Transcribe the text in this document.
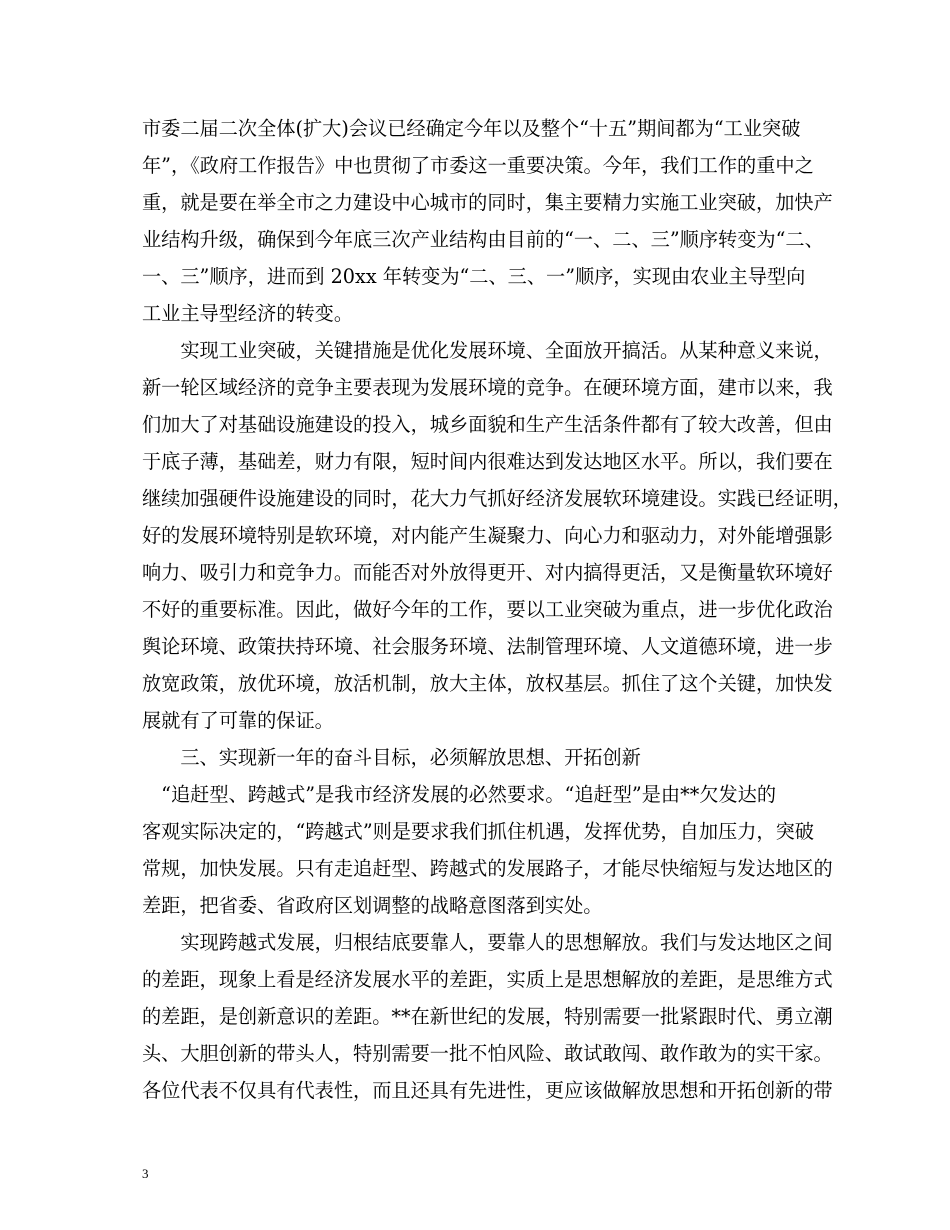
市委二届二次全体(扩大)会议已经确定今年以及整个“十五”期间都为“工业突破
年”，《政府工作报告》中也贯彻了市委这一重要决策。今年，我们工作的重中之
重，就是要在举全市之力建设中心城市的同时，集主要精力实施工业突破，加快产
业结构升级，确保到今年底三次产业结构由目前的“一、二、三”顺序转变为“二、
一、三”顺序，进而到 20xx 年转变为“二、三、一”顺序，实现由农业主导型向
工业主导型经济的转变。
　　实现工业突破，关键措施是优化发展环境、全面放开搞活。从某种意义来说，
新一轮区域经济的竞争主要表现为发展环境的竞争。在硬环境方面，建市以来，我
们加大了对基础设施建设的投入，城乡面貌和生产生活条件都有了较大改善，但由
于底子薄，基础差，财力有限，短时间内很难达到发达地区水平。所以，我们要在
继续加强硬件设施建设的同时，花大力气抓好经济发展软环境建设。实践已经证明，
好的发展环境特别是软环境，对内能产生凝聚力、向心力和驱动力，对外能增强影
响力、吸引力和竞争力。而能否对外放得更开、对内搞得更活，又是衡量软环境好
不好的重要标准。因此，做好今年的工作，要以工业突破为重点，进一步优化政治
舆论环境、政策扶持环境、社会服务环境、法制管理环境、人文道德环境，进一步
放宽政策，放优环境，放活机制，放大主体，放权基层。抓住了这个关键，加快发
展就有了可靠的保证。
　　三、实现新一年的奋斗目标，必须解放思想、开拓创新
　“追赶型、跨越式”是我市经济发展的必然要求。“追赶型”是由**欠发达的
客观实际决定的，“跨越式”则是要求我们抓住机遇，发挥优势，自加压力，突破
常规，加快发展。只有走追赶型、跨越式的发展路子，才能尽快缩短与发达地区的
差距，把省委、省政府区划调整的战略意图落到实处。
　　实现跨越式发展，归根结底要靠人，要靠人的思想解放。我们与发达地区之间
的差距，现象上看是经济发展水平的差距，实质上是思想解放的差距，是思维方式
的差距，是创新意识的差距。**在新世纪的发展，特别需要一批紧跟时代、勇立潮
头、大胆创新的带头人，特别需要一批不怕风险、敢试敢闯、敢作敢为的实干家。
各位代表不仅具有代表性，而且还具有先进性，更应该做解放思想和开拓创新的带
3
